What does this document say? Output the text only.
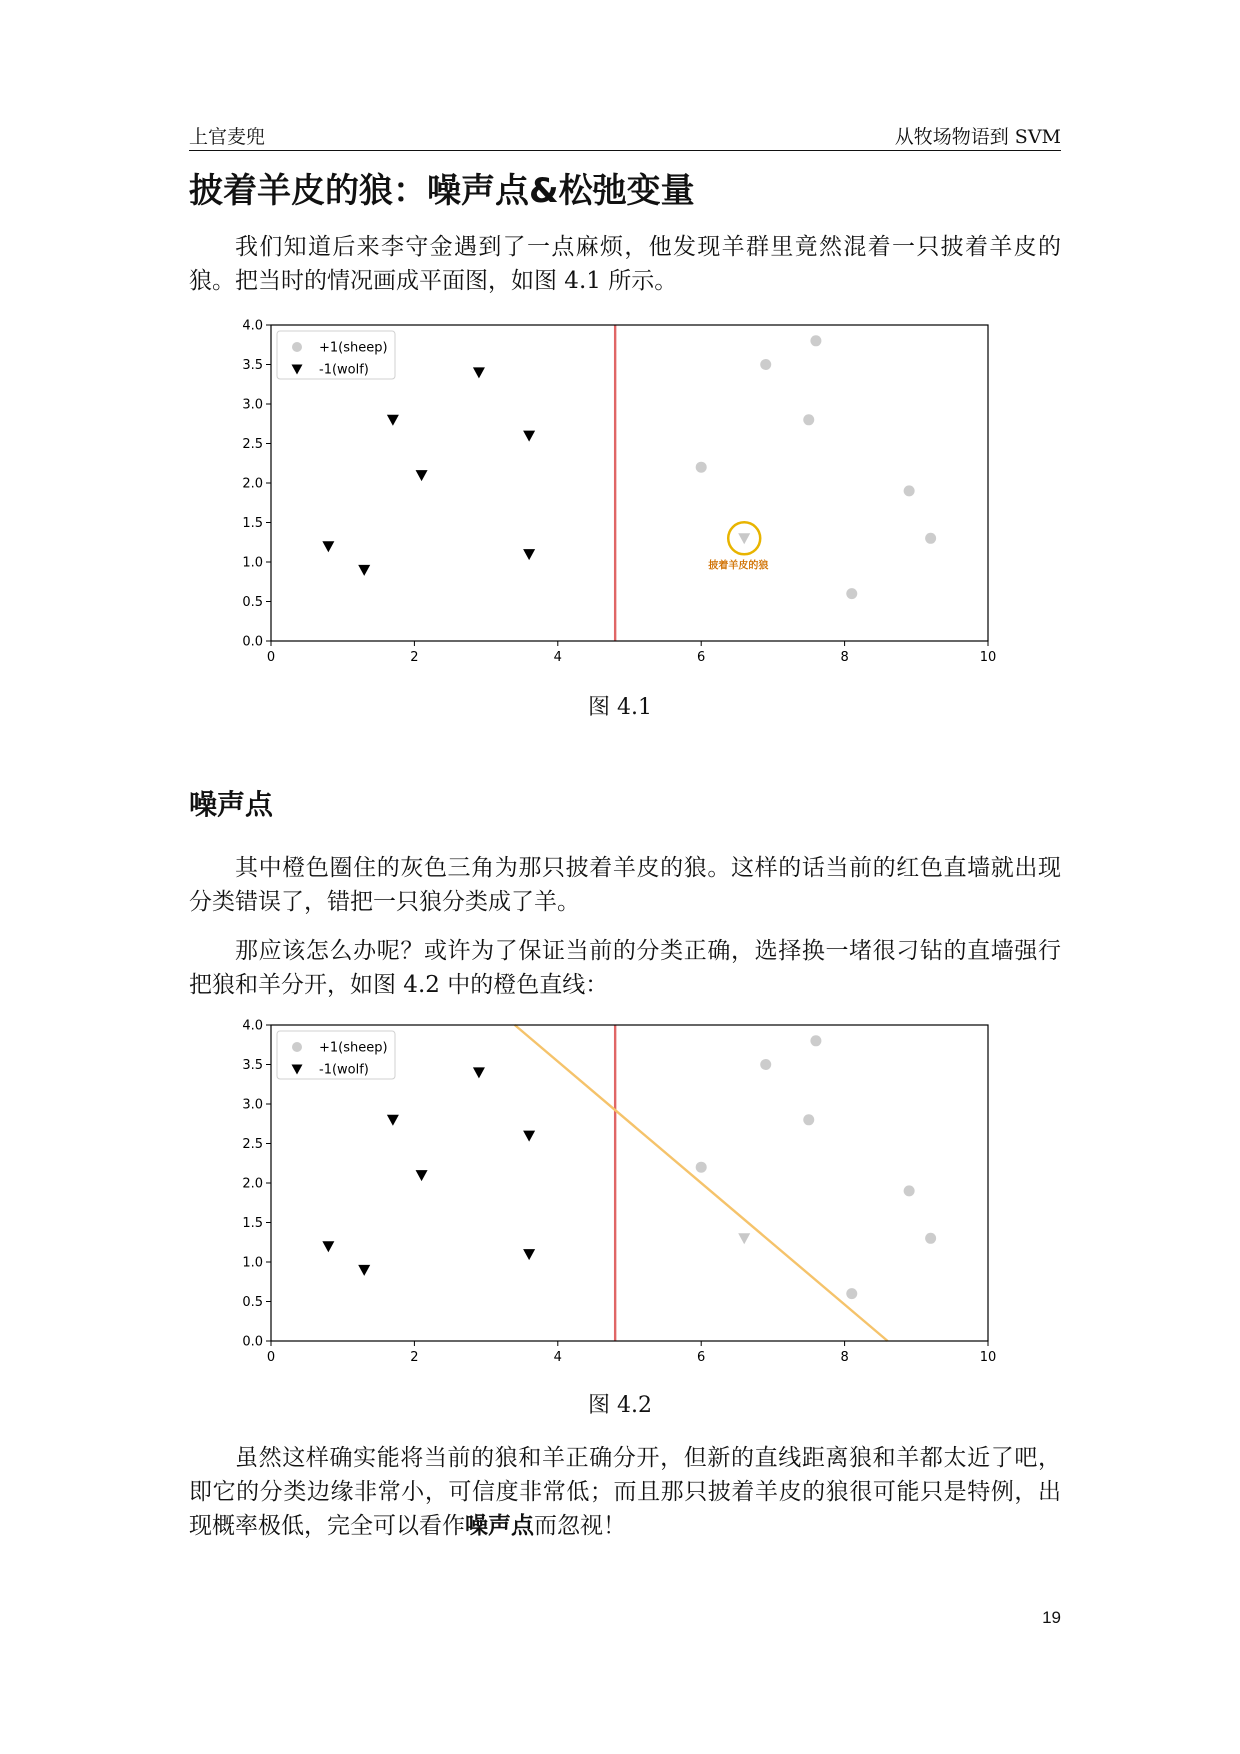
上官麦兜	从牧场物语到 SVM
披着羊皮的狼：噪声点&松弛变量

我们知道后来李守金遇到了一点麻烦，他发现羊群里竟然混着一只披着羊皮的狼。把当时的情况画成平面图，如图 4.1 所示。

披着羊皮的狼
0	2	4	6	8	10
0.0
0.5
1.0
1.5
2.0
2.5
3.0
3.5
4.0
+1(sheep)
-1(wolf)
图 4.1
噪声点

其中橙色圈住的灰色三角为那只披着羊皮的狼。这样的话当前的红色直墙就出现分类错误了，错把一只狼分类成了羊。

那应该怎么办呢？或许为了保证当前的分类正确，选择换一堵很刁钻的直墙强行把狼和羊分开，如图 4.2 中的橙色直线：

0	2	4	6	8	10
0.0
0.5
1.0
1.5
2.0
2.5
3.0
3.5
4.0
+1(sheep)
-1(wolf)
图 4.2

虽然这样确实能将当前的狼和羊正确分开，但新的直线距离狼和羊都太近了吧，即它的分类边缘非常小，可信度非常低；而且那只披着羊皮的狼很可能只是特例，出现概率极低，完全可以看作噪声点而忽视！

19
